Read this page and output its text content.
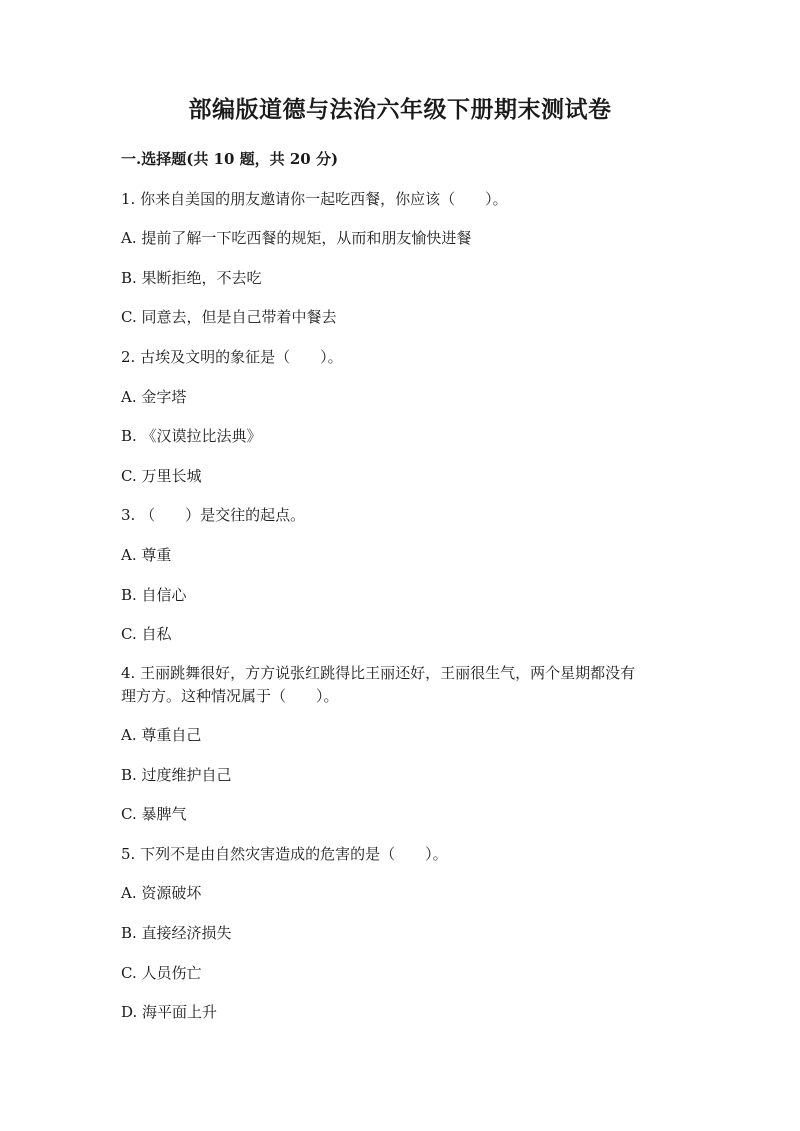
部编版道德与法治六年级下册期末测试卷
一.选择题(共 10 题，共 20 分)
1. 你来自美国的朋友邀请你一起吃西餐，你应该（　　）。
A. 提前了解一下吃西餐的规矩，从而和朋友愉快进餐
B. 果断拒绝，不去吃
C. 同意去，但是自己带着中餐去
2. 古埃及文明的象征是（　　）。
A. 金字塔
B. 《汉谟拉比法典》
C. 万里长城
3. （　　）是交往的起点。
A. 尊重
B. 自信心
C. 自私
4. 王丽跳舞很好，方方说张红跳得比王丽还好，王丽很生气，两个星期都没有
理方方。这种情况属于（　　）。
A. 尊重自己
B. 过度维护自己
C. 暴脾气
5. 下列不是由自然灾害造成的危害的是（　　）。
A. 资源破坏
B. 直接经济损失
C. 人员伤亡
D. 海平面上升
